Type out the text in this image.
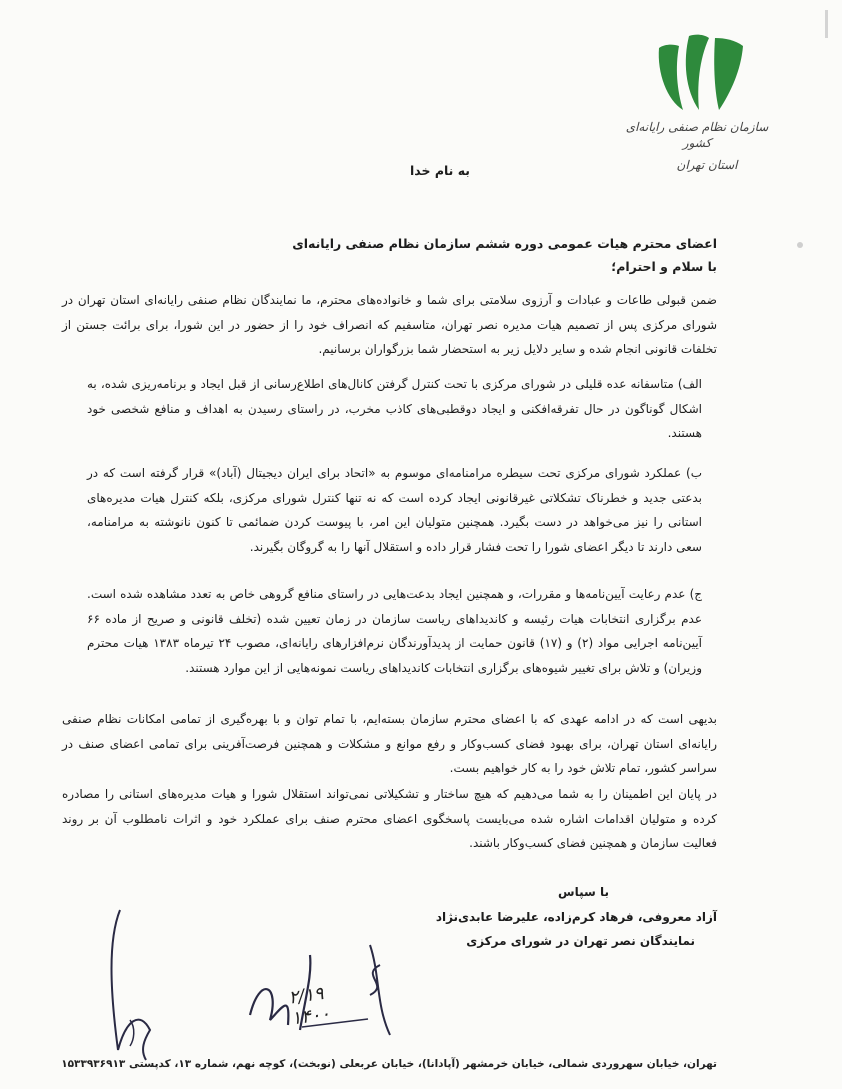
سازمان نظام صنفی رایانه‌ای کشور
استان تهران
به نام خدا
اعضای محترم هیات عمومی دوره ششم سازمان نظام صنفی رایانه‌ای
با سلام و احترام؛
ضمن قبولی طاعات و عبادات و آرزوی سلامتی برای شما و خانواده‌های محترم، ما نمایندگان نظام صنفی رایانه‌ای استان تهران در شورای مرکزی پس از تصمیم هیات مدیره نصر تهران، متاسفیم که انصراف خود را از حضور در این شورا، برای برائت جستن از تخلفات قانونی انجام شده و سایر دلایل زیر به استحضار شما بزرگواران برسانیم.
الف) متاسفانه عده قلیلی در شورای مرکزی با تحت کنترل گرفتن کانال‌های اطلاع‌رسانی از قبل ایجاد و برنامه‌ریزی شده، به اشکال گوناگون در حال تفرقه‌افکنی و ایجاد دوقطبی‌های کاذب مخرب، در راستای رسیدن به اهداف و منافع شخصی خود هستند.
ب) عملکرد شورای مرکزی تحت سیطره مرامنامه‌ای موسوم به «اتحاد برای ایران دیجیتال (آباد)» قرار گرفته است که در بدعتی جدید و خطرناک تشکلاتی غیرقانونی ایجاد کرده است که نه تنها کنترل شورای مرکزی، بلکه کنترل هیات مدیره‌های استانی را نیز می‌خواهد در دست بگیرد. همچنین متولیان این امر، با پیوست کردن ضمائمی تا کنون نانوشته به مرامنامه، سعی دارند تا دیگر اعضای شورا را تحت فشار قرار داده و استقلال آنها را به گروگان بگیرند.
ج) عدم رعایت آیین‌نامه‌ها و مقررات، و همچنین ایجاد بدعت‌هایی در راستای منافع گروهی خاص به تعدد مشاهده شده است. عدم برگزاری انتخابات هیات رئیسه و کاندیداهای ریاست سازمان در زمان تعیین شده (تخلف قانونی و صریح از ماده ۶۶ آیین‌نامه اجرایی مواد (۲) و (۱۷) قانون حمایت از پدیدآورندگان نرم‌افزارهای رایانه‌ای، مصوب ۲۴ تیرماه ۱۳۸۳ هیات محترم وزیران) و تلاش برای تغییر شیوه‌های برگزاری انتخابات کاندیداهای ریاست نمونه‌هایی از این موارد هستند.
بدیهی است که در ادامه عهدی که با اعضای محترم سازمان بسته‌ایم، با تمام توان و با بهره‌گیری از تمامی امکانات نظام صنفی رایانه‌ای استان تهران، برای بهبود فضای کسب‌وکار و رفع موانع و مشکلات و همچنین فرصت‌آفرینی برای تمامی اعضای صنف در سراسر کشور، تمام تلاش خود را به کار خواهیم بست.
در پایان این اطمینان را به شما می‌دهیم که هیچ ساختار و تشکیلاتی نمی‌تواند استقلال شورا و هیات مدیره‌های استانی را مصادره کرده و متولیان اقدامات اشاره شده می‌بایست پاسخگوی اعضای محترم صنف برای عملکرد خود و اثرات نامطلوب آن بر روند فعالیت سازمان و همچنین فضای کسب‌وکار باشند.
با سپاس
آزاد معروفی، فرهاد کرم‌زاده، علیرضا عابدی‌نژاد
نمایندگان نصر تهران در شورای مرکزی
۲/۱۹
۱۴۰۰
تهران، خیابان سهروردی شمالی، خیابان خرمشهر (آپادانا)، خیابان عربعلی (نوبخت)، کوچه نهم، شماره ۱۳، کدپستی ۱۵۳۳۹۳۶۹۱۳
